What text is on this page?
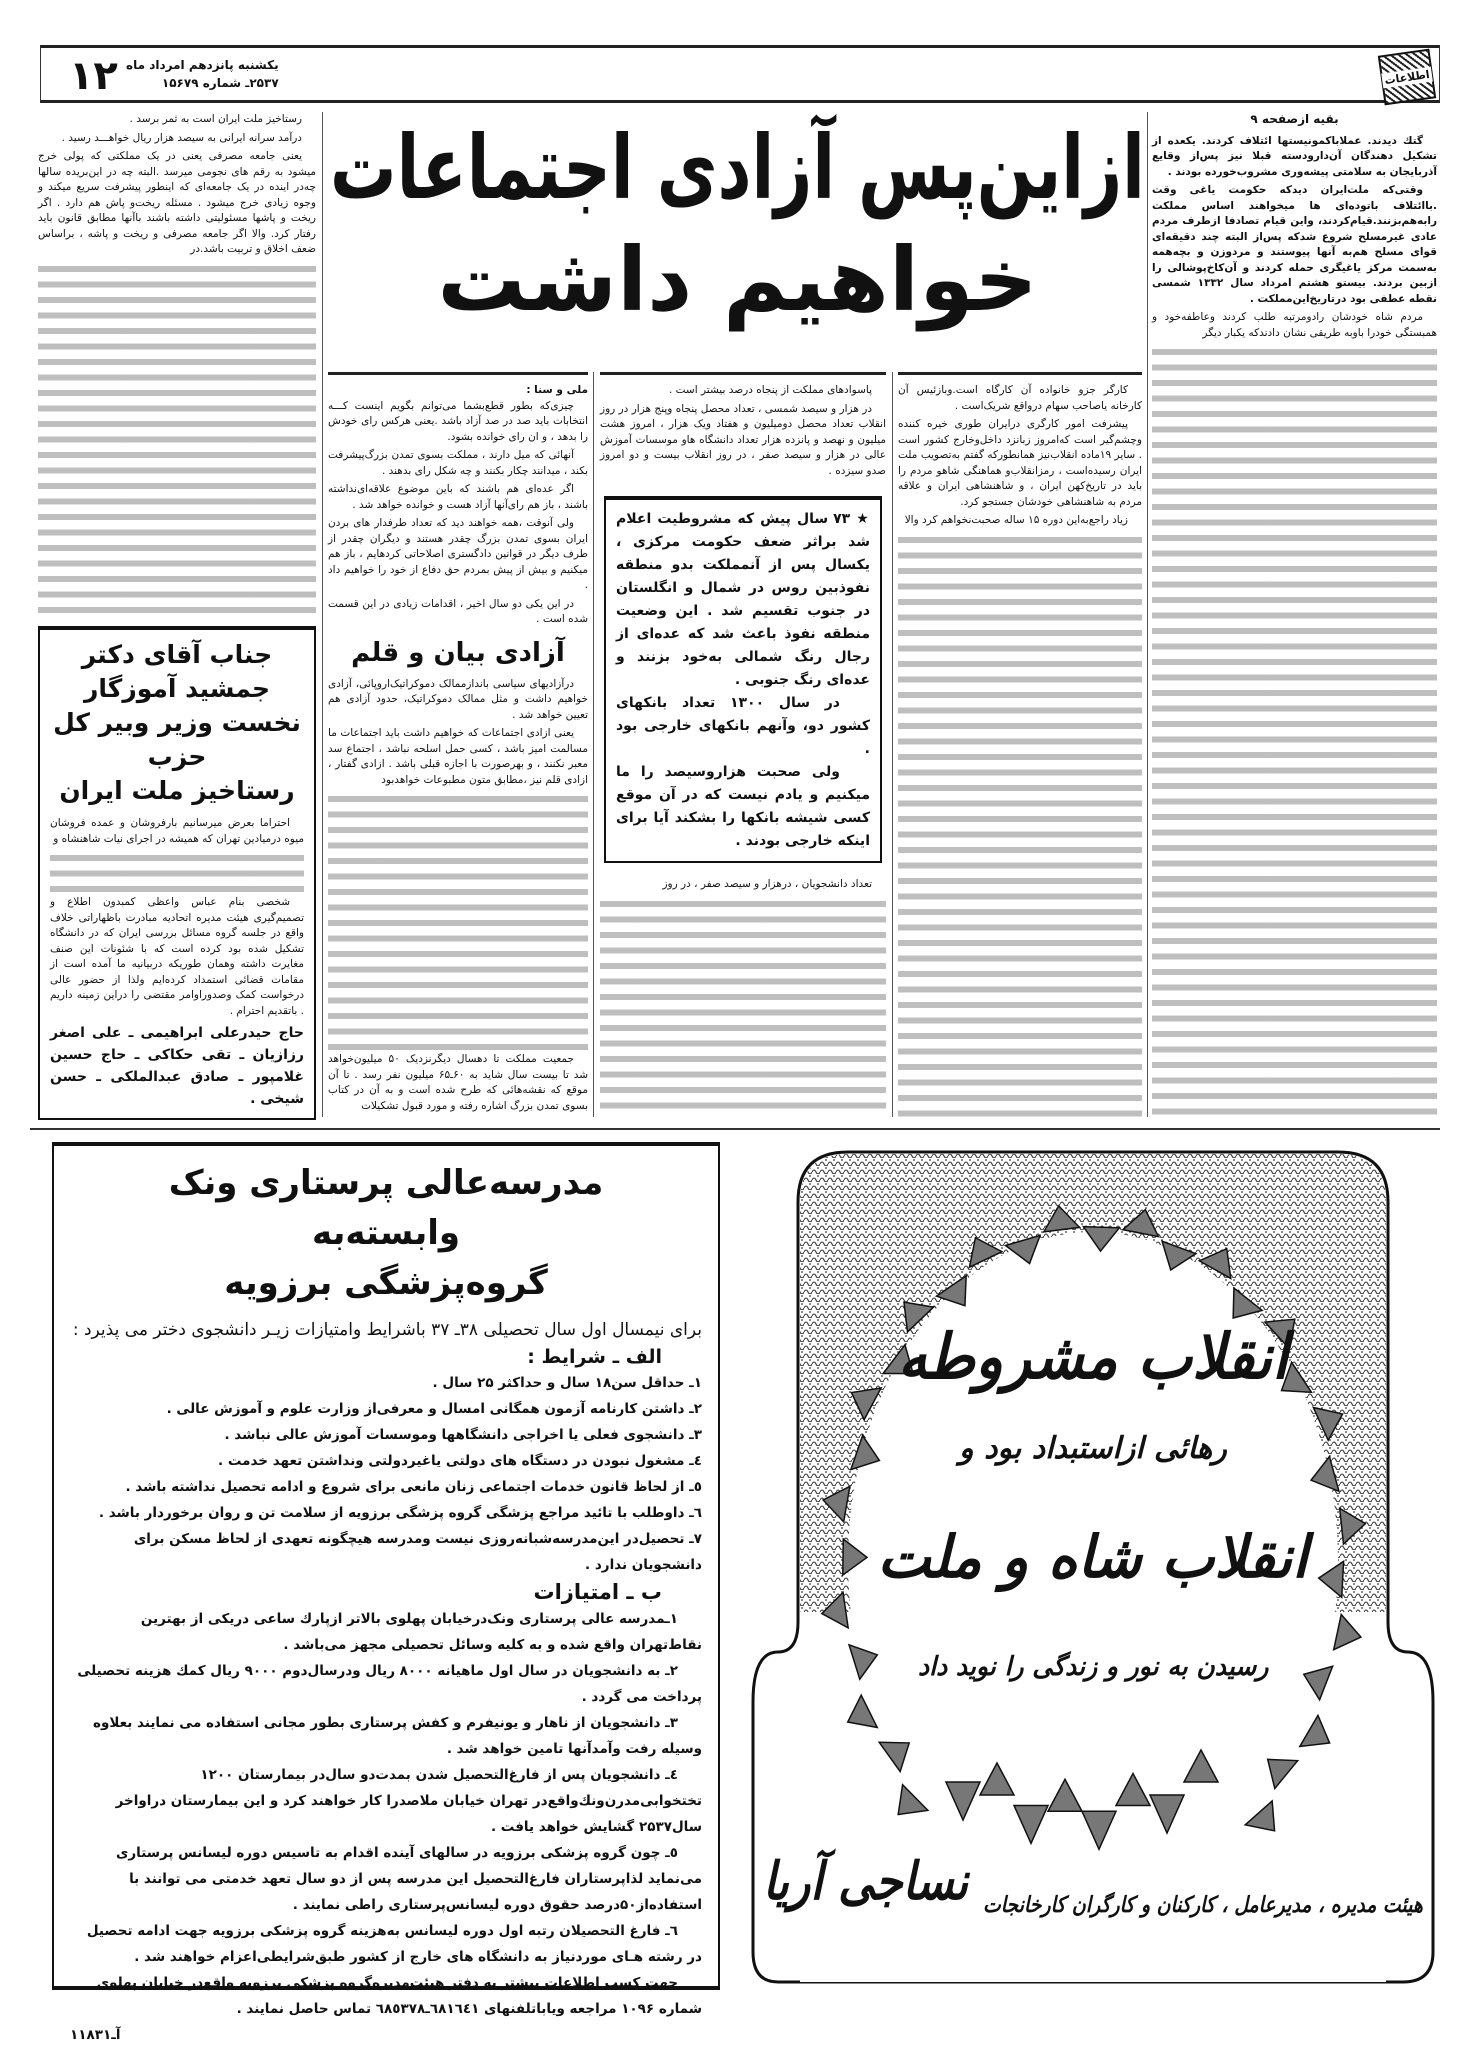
اطلاعات
۱۲ یکشنبه پانزدهم امرداد ماه
۲۵۳۷ـ شماره ۱۵۶۷۹
ازاین‌پس آزادی اجتماعات
خواهیم داشت
بقیه ازصفحه ۹

گتك دیدند. عملاباكمونیستها ائتلاف كردند. یكعده از تشكیل دهندگان آن‌دارودسته قبلا نیز پس‌از وقایع آذربایجان به سلامتی پیشه‌وری مشروب‌خورده بودند .

وقتی‌كه ملت‌ایران دیدكه حكومت یاغی وقت .باائتلاف باتوده‌ای ها میخواهند اساس مملكت رابه‌هم‌بزنند.قیام‌كردند، واین قیام تصادفا ازطرف مردم عادی غیرمسلح شروع شدكه پس‌از البته چند دقیقه‌ای قوای مسلح هم‌به آنها پیوستند و مردوزن و بچه‌همه به‌سمت مركز یاغیگری حمله كردند و آن‌كاخ‌پوشالی را ازبین بردند. بیستو هشتم امرداد سال ۱۳۳۲ شمسی نقطه عطفی بود درتاریخ‌این‌مملكت .

مردم شاه خودشان رادومرتبه طلب كردند وعاطفه‌خود و همبستگی خودرا باوبه طریقی نشان دادندكه یكبار دیگر

کارگر جزو خانواده آن کارگاه است.وبازئیس آن کارخانه یاصاحب سهام درواقع شریک‌است .

پیشرفت امور کارگری درایران طوری خیره کننده وچشم‌گیر است که‌امروز زبانزد داخل‌وخارج کشور است . سایر ۱۹ماده انقلاب‌نیز همانطورکه گفتم به‌تصویب ملت ایران رسیده‌است ، رمزانقلاب‌و هماهنگی شاهو مردم را باید در تاریخ‌کهن ایران ، و شاهنشاهی ایران و علاقه مردم به شاهنشاهی خودشان جستجو کرد.

زیاد راجع‌به‌این دوره ۱۵ ساله صحبت‌نخواهم کرد والا

پاسوادهای مملکت از پنجاه درصد بیشتر است .

در هزار و سیصد شمسی ، تعداد محصل پنجاه وپنج هزار در روز انقلاب تعداد محصل دومیلیون و هفتاد ویک هزار ، امروز هشت میلیون و نهصد و پانزده هزار تعداد دانشگاه هاو موسسات آموزش عالی در هزار و سیصد صفر ، در روز انقلاب بیست و دو امروز صدو سیزده .

★ ۷۳ سال پیش که مشروطیت اعلام شد براثر ضعف حکومت مرکزی ، یکسال پس از آنمملکت بدو منطقه نفوذبین روس در شمال و انگلستان در جنوب تقسیم شد . این وضعیت منطقه نفوذ باعث شد که عده‌ای از رجال رنگ شمالی به‌خود بزنند و عده‌ای رنگ جنوبی .
در سال ۱۳۰۰ تعداد بانکهای کشور دو، وآنهم بانکهای خارجی بود .
ولی صحبت هزاروسیصد را ما میکنیم و یادم نیست که در آن موقع کسی شیشه بانکها را بشکند آیا برای اینکه خارجی بودند .

تعداد دانشجویان ، درهزار و سیصد صفر ، در روز

ملی و سنا :

چیزی‌که بطور قطع‌بشما می‌توانم بگویم اینست کـــه انتخابات باید صد در صد آزاد باشد .یعنی هرکس رای خودش را بدهد ، و ان رای خوانده بشود.

آنهائی که میل دارند ، مملکت بسوی تمدن بزرگ‌پیشرفت بکند ، میدانند چکار بکنند و چه شکل رای بدهند .

اگر عده‌ای هم باشند که باین موضوع علاقه‌ای‌نداشته باشند ، باز هم رای‌آنها آزاد هست و خوانده خواهد شد .

ولی آنوقت ،همه خواهند دید که تعداد طرفدار های بردن ایران بسوی تمدن بزرگ چقدر هستند و دیگران چقدر از طرف دیگر در قوانین دادگستری اصلاحاتی کردهایم ، باز هم میکنیم و بیش از پیش بمردم حق دفاع از خود را خواهیم داد .

در این یکی دو سال اخیر ، اقدامات زیادی در این قسمت شده است .

آزادی بیان و قلم

درآزادیهای سیاسی بانداز‌ممالک دموکراتیک‌اروپائی، آزادی خواهیم داشت و مثل ممالک دموکراتیک، حدود آزادی هم تعیین خواهد شد .

یعنی ازادی اجتماعات که خواهیم داشت باید اجتماعات ما مسالمت امیز باشد ، کسی حمل اسلحه نباشد ، اجتماع سد معبر نکنند ، و بهرصورت با اجازه قبلی باشد . ازادی گفتار ، ازادی قلم نیز ،مطابق متون مطبوعات خواهدبود

جمعیت مملکت تا دهسال دیگرنزدیک ۵۰ میلیون‌خواهد شد تا بیست سال شاید به ۶۰ـ۶۵ میلیون نفر رسد . تا آن موقع که نقشه‌هائی که طرح شده است و به آن در کتاب بسوی تمدن بزرگ اشاره رفته و مورد قبول تشکیلات

رستاخیز ملت ایران است به ثمر برسد .

درآمد سرانه ایرانی به سیصد هزار ریال خواهـــد رسید .

یعنی جامعه مصرفی یعنی در یک مملکتی که پولی خرج میشود به رقم های نجومی میرسد .البته چه در این‌بریده سالها چه‌در اینده در یک جامعه‌ای که اینطور پیشرفت سریع میکند و وجوه زیادی خرج میشود . مسئله ریخت‌و پاش هم دارد . اگر ریخت و پاشها مسئولیتی داشته باشند باآنها مطابق قانون باید رفتار کرد. والا اگر جامعه مصرفی و ریخت و پاشه ، براساس ضعف اخلاق و تربیت باشد.در

جناب آقای دکتر جمشید آموزگار
نخست وزیر وبیر کل حزب
رستاخیز ملت ایران

احتراما بعرض میرسانیم بارفروشان و عمده فروشان میوه درمیادین تهران که همیشه در اجرای نیات شاهنشاه و

شخصی بنام عباس واعظی کمبدون اطلاع و تصمیم‌گیری هیئت مدیره اتحادیه مبادرت باظهاراتی خلاف واقع در جلسه گروه مسائل بررسی ایران که در دانشگاه تشکیل شده بود کرده است که با شئونات این صنف مغایرت داشته وهمان طوریکه دربیانیه ما آمده است از مقامات قضائی استمداد کرده‌ایم ولذا از حضور عالی درخواست کمک وصدوراوامر مقتضی را دراین زمینه داریم . باتقدیم احترام .

حاج حیدرعلی ابراهیمی ـ علی اصغر رزازیان ـ تقی حکاکی ـ حاج حسین غلامپور ـ صادق عبدالملکی ـ حسن شیخی .
مدرسه‌عالی پرستاری ونک
وابسته‌به
گروه‌پزشگی برزویه
برای نیمسال اول سال تحصیلی ۳۸ـ ۳۷ باشرایط وامتیازات زیـر دانشجوی دختر می پذیرد :
الف ـ شرایط :
۱ـ حداقل سن۱۸ سال و حداکثر ۲۵ سال .
۲ـ داشتن کارنامه آزمون همگانی امسال و معرفی‌از وزارت علوم و آموزش عالی .
۳ـ دانشجوی فعلی یا اخراجی دانشگاهها وموسسات آموزش عالی نباشد .
٤ـ مشغول نبودن در دستگاه های دولتی یاغیردولتی ونداشتن تعهد خدمت .
٥ـ از لحاظ قانون خدمات اجتماعی زنان مانعی برای شروع و ادامه تحصیل نداشته باشد .
٦ـ داوطلب با تائید مراجع پزشگی گروه پزشگی برزویه از سلامت تن و روان برخوردار باشد .
۷ـ تحصیل‌در این‌مدرسه‌شبانه‌روزی نیست ومدرسه هیچگونه تعهدی از لحاظ مسکن برای دانشجویان ندارد .
ب ـ امتیازات
۱ـمدرسه عالی پرستاری ونک‌درخیابان پهلوی بالاتر ازپارك ساعی دریكی از بهترین نقاط‌تهران واقع شده و به كلیه وسائل تحصیلی مجهز می‌باشد .
۲ـ به دانشجویان در سال اول ماهیانه ۸۰۰۰ ریال ودرسال‌دوم ۹۰۰۰ ریال كمك هزینه تحصیلی پرداخت می گردد .
۳ـ دانشجویان از ناهار و یونیفرم و كفش پرستاری بطور مجانی استفاده می نمایند بعلاوه وسیله رفت وآمدآنها تامین خواهد شد .
٤ـ دانشجویان پس از فارغ‌التحصیل شدن بمدت‌دو سال‌در بیمارستان ۱۲۰۰ تختخوابی‌مدرن‌ونك‌واقع‌در تهران خیابان ملاصدرا كار خواهند كرد و این بیمارستان دراواخر سال۲۵۳۷ گشایش خواهد یافت .
٥ـ چون گروه پزشكی برزویه در سالهای آینده اقدام به تاسیس دوره لیسانس پرستاری می‌نماید لذاپرستاران فارغ‌التحصیل این مدرسه پس از دو سال تعهد خدمتی می توانند با استفاده‌از۵۰درصد حقوق دوره لیسانس‌پرستاری راطی نمایند .
٦ـ فارغ التحصیلان رتبه اول دوره لیسانس به‌هزینه گروه پزشكی برزویه جهت ادامه تحصیل در رشته هـای موردنیاز به دانشگاه های خارج از كشور طبق‌شرایطی‌اعزام خواهند شد .
جهت كسب اطلاعات بیشتر به دفتر هیئت‌مدیره‌گروه پزشكی برزویه واقع‌در خیابان پهلوی شماره ۱۰۹۶ مراجعه ویاباتلفنهای ٦٨١٦٤١ـ٦٨٥٣٧٨ تماس حاصل نمایند .
آـ۱۱۸۳۱
انقلاب مشروطه
رهائی ازاستبداد بود و
انقلاب شاه و ملت
رسیدن به نور و زندگی را نوید داد
هیئت مدیره ، مدیرعامل ، كاركنان و كارگران كارخانجات
نساجی آریا
